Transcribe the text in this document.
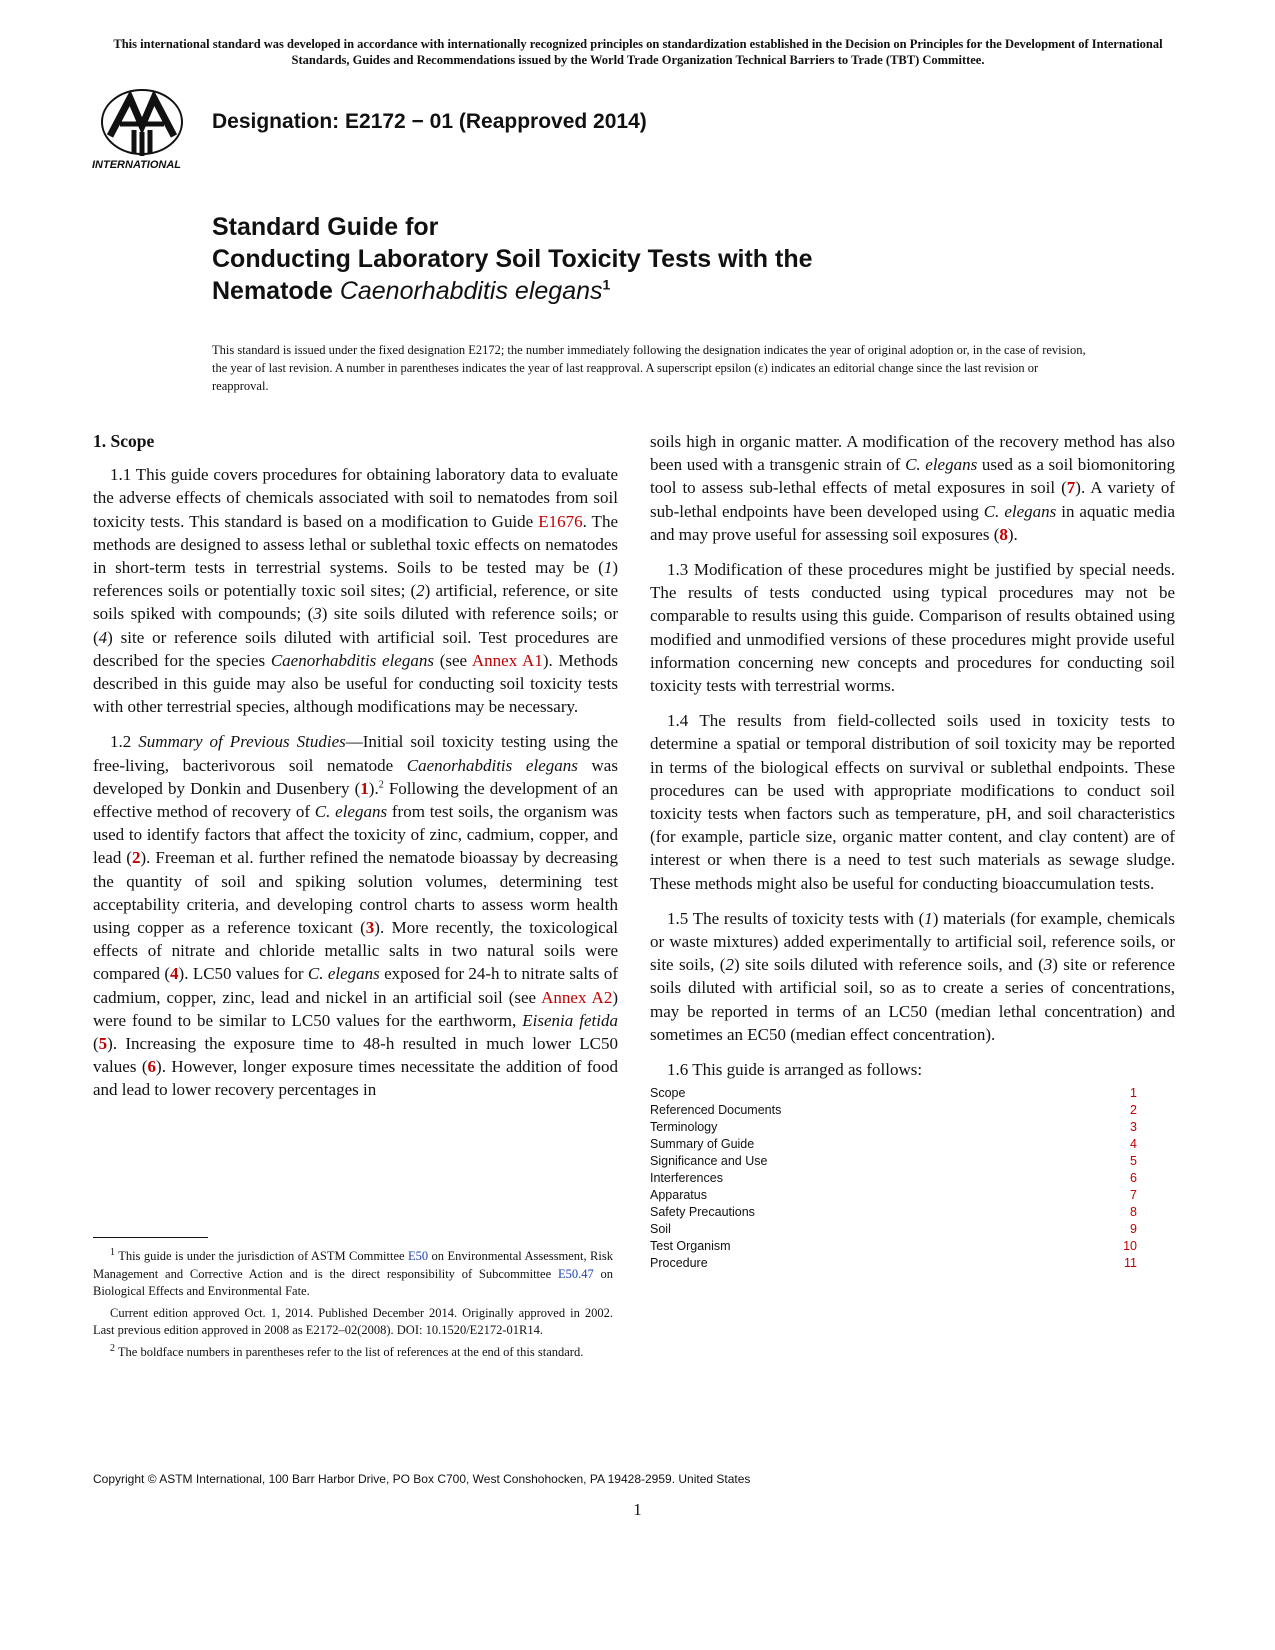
This international standard was developed in accordance with internationally recognized principles on standardization established in the Decision on Principles for the Development of International Standards, Guides and Recommendations issued by the World Trade Organization Technical Barriers to Trade (TBT) Committee.
INTERNATIONAL
Designation: E2172 − 01 (Reapproved 2014)
Standard Guide for
Conducting Laboratory Soil Toxicity Tests with the
Nematode Caenorhabditis elegans$^1$
This standard is issued under the fixed designation E2172; the number immediately following the designation indicates the year of original adoption or, in the case of revision, the year of last revision. A number in parentheses indicates the year of last reapproval. A superscript epsilon (ε) indicates an editorial change since the last revision or reapproval.
1. Scope

1.1 This guide covers procedures for obtaining laboratory data to evaluate the adverse effects of chemicals associated with soil to nematodes from soil toxicity tests. This standard is based on a modification to Guide E1676. The methods are designed to assess lethal or sublethal toxic effects on nematodes in short-term tests in terrestrial systems. Soils to be tested may be (1) references soils or potentially toxic soil sites; (2) artificial, reference, or site soils spiked with compounds; (3) site soils diluted with reference soils; or (4) site or reference soils diluted with artificial soil. Test procedures are described for the species Caenorhabditis elegans (see Annex A1). Methods described in this guide may also be useful for conducting soil toxicity tests with other terrestrial species, although modifications may be necessary.

1.2 Summary of Previous Studies—Initial soil toxicity testing using the free-living, bacterivorous soil nematode Caenorhabditis elegans was developed by Donkin and Dusenbery (1).$^2$ Following the development of an effective method of recovery of C. elegans from test soils, the organism was used to identify factors that affect the toxicity of zinc, cadmium, copper, and lead (2). Freeman et al. further refined the nematode bioassay by decreasing the quantity of soil and spiking solution volumes, determining test acceptability criteria, and developing control charts to assess worm health using copper as a reference toxicant (3). More recently, the toxicological effects of nitrate and chloride metallic salts in two natural soils were compared (4). LC50 values for C. elegans exposed for 24-h to nitrate salts of cadmium, copper, zinc, lead and nickel in an artificial soil (see Annex A2) were found to be similar to LC50 values for the earthworm, Eisenia fetida (5). Increasing the exposure time to 48-h resulted in much lower LC50 values (6). However, longer exposure times necessitate the addition of food and lead to lower recovery percentages in

soils high in organic matter. A modification of the recovery method has also been used with a transgenic strain of C. elegans used as a soil biomonitoring tool to assess sub-lethal effects of metal exposures in soil (7). A variety of sub-lethal endpoints have been developed using C. elegans in aquatic media and may prove useful for assessing soil exposures (8).

1.3 Modification of these procedures might be justified by special needs. The results of tests conducted using typical procedures may not be comparable to results using this guide. Comparison of results obtained using modified and unmodified versions of these procedures might provide useful information concerning new concepts and procedures for conducting soil toxicity tests with terrestrial worms.

1.4 The results from field-collected soils used in toxicity tests to determine a spatial or temporal distribution of soil toxicity may be reported in terms of the biological effects on survival or sublethal endpoints. These procedures can be used with appropriate modifications to conduct soil toxicity tests when factors such as temperature, pH, and soil characteristics (for example, particle size, organic matter content, and clay content) are of interest or when there is a need to test such materials as sewage sludge. These methods might also be useful for conducting bioaccumulation tests.

1.5 The results of toxicity tests with (1) materials (for example, chemicals or waste mixtures) added experimentally to artificial soil, reference soils, or site soils, (2) site soils diluted with reference soils, and (3) site or reference soils diluted with artificial soil, so as to create a series of concentrations, may be reported in terms of an LC50 (median lethal concentration) and sometimes an EC50 (median effect concentration).

1.6 This guide is arranged as follows:

Scope	1
Referenced Documents	2
Terminology	3
Summary of Guide	4
Significance and Use	5
Interferences	6
Apparatus	7
Safety Precautions	8
Soil	9
Test Organism	10
Procedure	11

$^1$ This guide is under the jurisdiction of ASTM Committee E50 on Environmental Assessment, Risk Management and Corrective Action and is the direct responsibility of Subcommittee E50.47 on Biological Effects and Environmental Fate.

Current edition approved Oct. 1, 2014. Published December 2014. Originally approved in 2002. Last previous edition approved in 2008 as E2172–02(2008). DOI: 10.1520/E2172-01R14.

$^2$ The boldface numbers in parentheses refer to the list of references at the end of this standard.

Copyright © ASTM International, 100 Barr Harbor Drive, PO Box C700, West Conshohocken, PA 19428-2959. United States
1
